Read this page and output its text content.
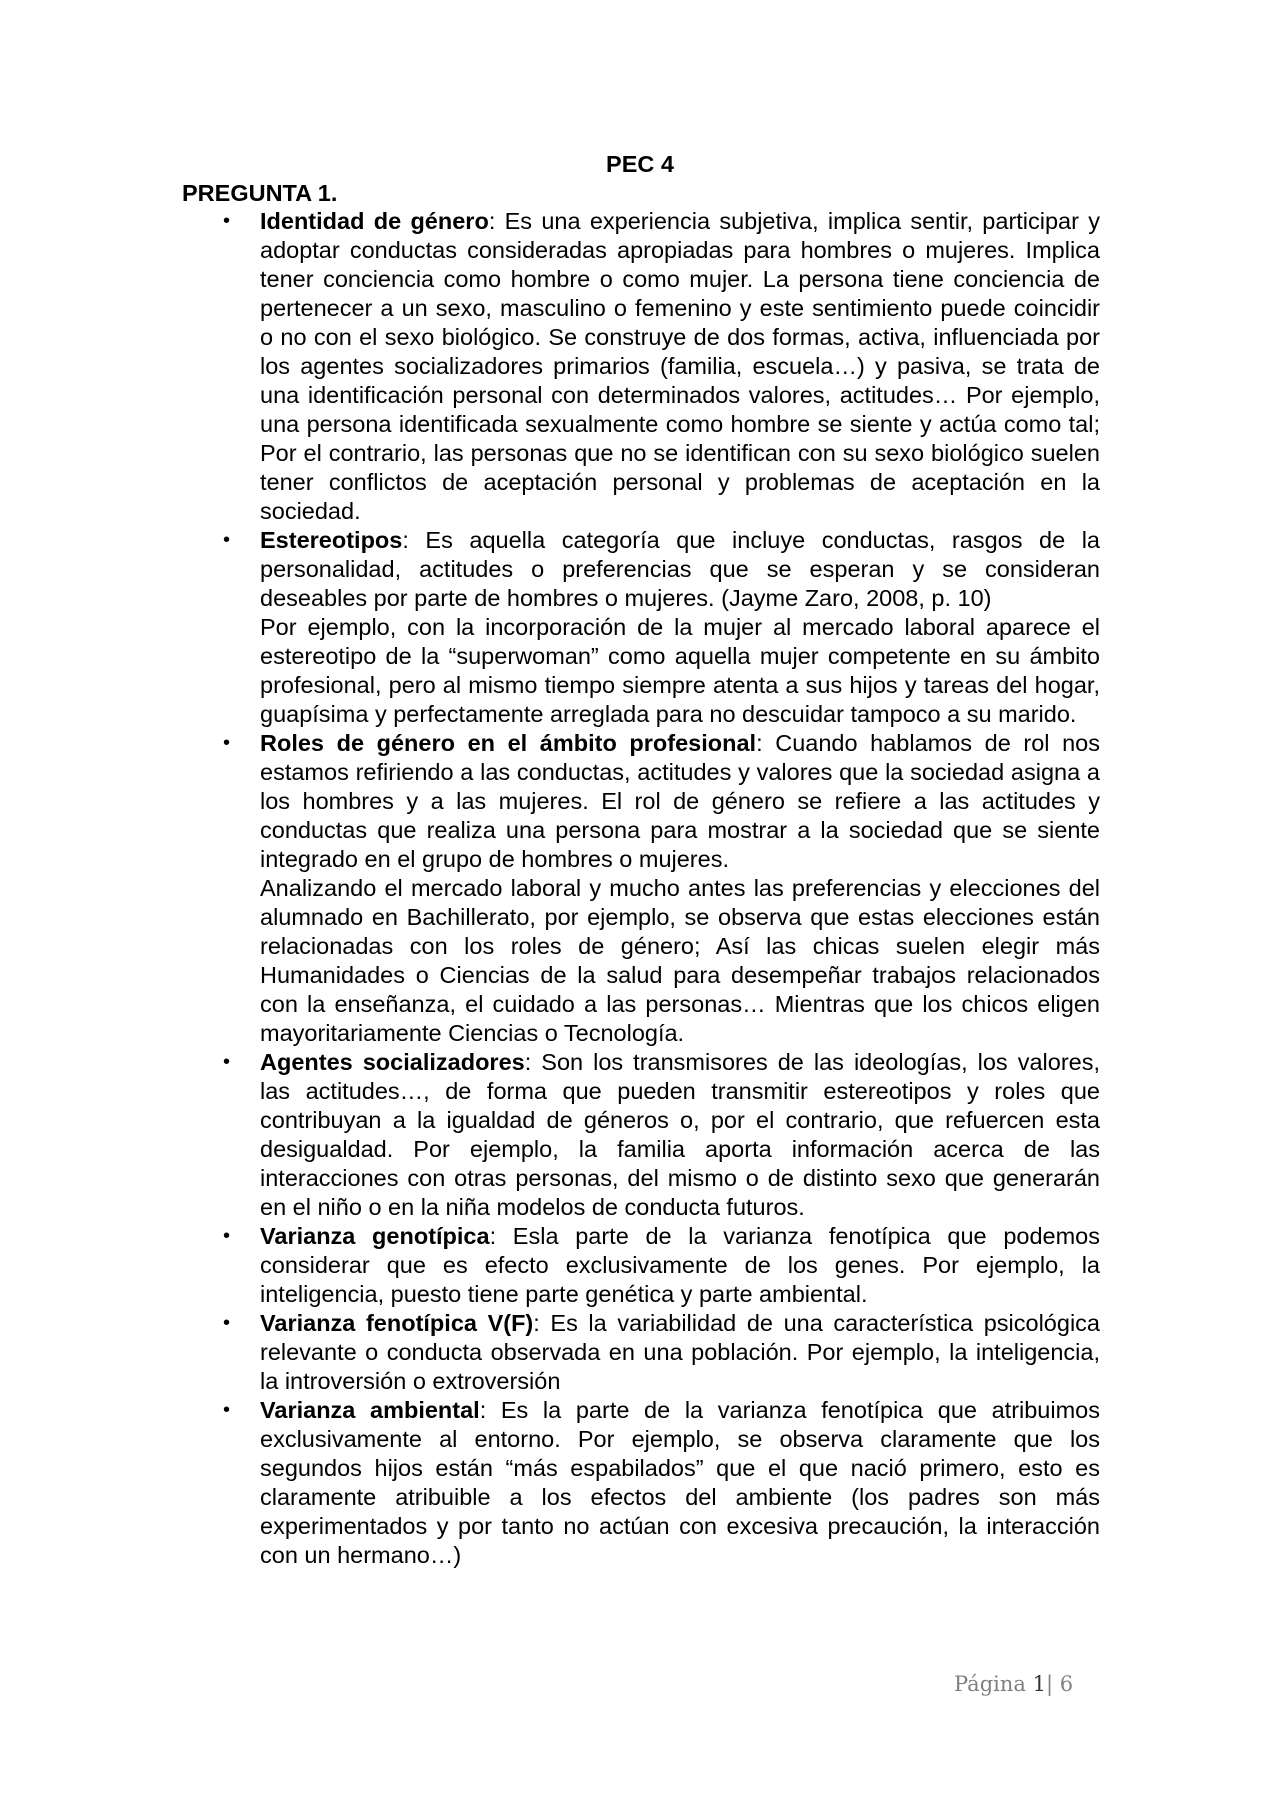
PEC 4
PREGUNTA 1.
• Identidad de género: Es una experiencia subjetiva, implica sentir, participar y adoptar conductas consideradas apropiadas para hombres o mujeres. Implica tener conciencia como hombre o como mujer. La persona tiene conciencia de pertenecer a un sexo, masculino o femenino y este sentimiento puede coincidir o no con el sexo biológico. Se construye de dos formas, activa, influenciada por los agentes socializadores primarios (familia, escuela…) y pasiva, se trata de una identificación personal con determinados valores, actitudes… Por ejemplo, una persona identificada sexualmente como hombre se siente y actúa como tal; Por el contrario, las personas que no se identifican con su sexo biológico suelen tener conflictos de aceptación personal y problemas de aceptación en la sociedad.

• Estereotipos: Es aquella categoría que incluye conductas, rasgos de la personalidad, actitudes o preferencias que se esperan y se consideran deseables por parte de hombres o mujeres. (Jayme Zaro, 2008, p. 10)

Por ejemplo, con la incorporación de la mujer al mercado laboral aparece el estereotipo de la “superwoman” como aquella mujer competente en su ámbito profesional, pero al mismo tiempo siempre atenta a sus hijos y tareas del hogar, guapísima y perfectamente arreglada para no descuidar tampoco a su marido.

• Roles de género en el ámbito profesional: Cuando hablamos de rol nos estamos refiriendo a las conductas, actitudes y valores que la sociedad asigna a los hombres y a las mujeres. El rol de género se refiere a las actitudes y conductas que realiza una persona para mostrar a la sociedad que se siente integrado en el grupo de hombres o mujeres.

Analizando el mercado laboral y mucho antes las preferencias y elecciones del alumnado en Bachillerato, por ejemplo, se observa que estas elecciones están relacionadas con los roles de género; Así las chicas suelen elegir más Humanidades o Ciencias de la salud para desempeñar trabajos relacionados con la enseñanza, el cuidado a las personas… Mientras que los chicos eligen mayoritariamente Ciencias o Tecnología.

• Agentes socializadores: Son los transmisores de las ideologías, los valores, las actitudes…, de forma que pueden transmitir estereotipos y roles que contribuyan a la igualdad de géneros o, por el contrario, que refuercen esta desigualdad. Por ejemplo, la familia aporta información acerca de las interacciones con otras personas, del mismo o de distinto sexo que generarán en el niño o en la niña modelos de conducta futuros.

• Varianza genotípica: Esla parte de la varianza fenotípica que podemos considerar que es efecto exclusivamente de los genes. Por ejemplo, la inteligencia, puesto tiene parte genética y parte ambiental.

• Varianza fenotípica V(F): Es la variabilidad de una característica psicológica relevante o conducta observada en una población. Por ejemplo, la inteligencia, la introversión o extroversión

• Varianza ambiental: Es la parte de la varianza fenotípica que atribuimos exclusivamente al entorno. Por ejemplo, se observa claramente que los segundos hijos están “más espabilados” que el que nació primero, esto es claramente atribuible a los efectos del ambiente (los padres son más experimentados y por tanto no actúan con excesiva precaución, la interacción con un hermano…)

Página 1| 6
